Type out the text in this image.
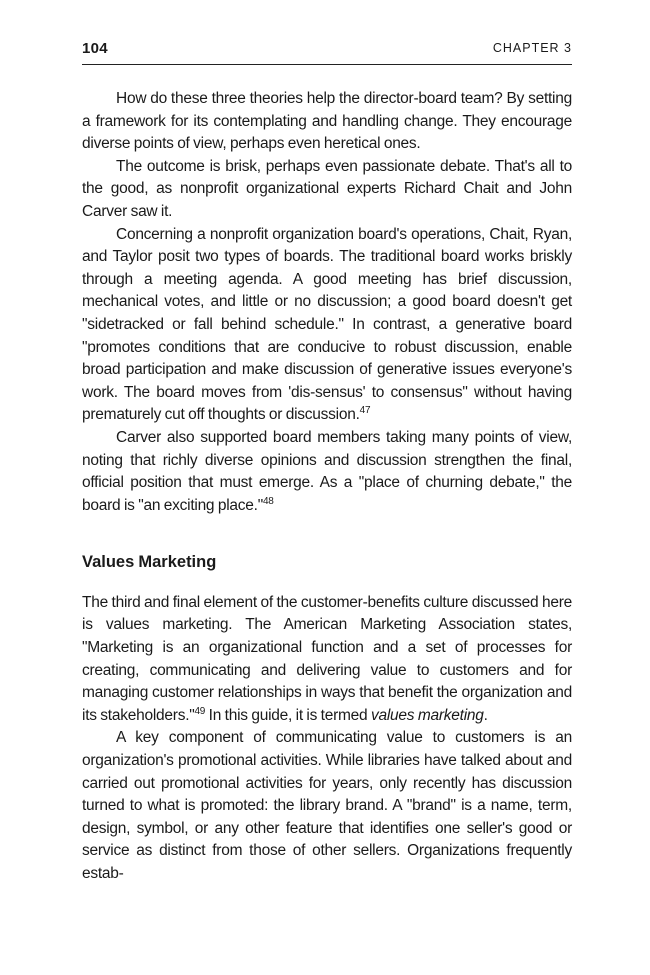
104	CHAPTER 3

How do these three theories help the director-board team? By setting a framework for its contemplating and handling change. They encourage diverse points of view, perhaps even heretical ones.

The outcome is brisk, perhaps even passionate debate. That's all to the good, as nonprofit organizational experts Richard Chait and John Carver saw it.

Concerning a nonprofit organization board's operations, Chait, Ryan, and Taylor posit two types of boards. The traditional board works briskly through a meeting agenda. A good meeting has brief discussion, mechanical votes, and little or no discussion; a good board doesn't get "sidetracked or fall behind schedule." In contrast, a generative board "promotes conditions that are conducive to robust discussion, enable broad participation and make discussion of generative issues everyone's work. The board moves from 'dis-sensus' to consensus" without having prematurely cut off thoughts or discussion.$^{47}$

Carver also supported board members taking many points of view, noting that richly diverse opinions and discussion strengthen the final, official position that must emerge. As a "place of churning debate," the board is "an exciting place."$^{48}$

Values Marketing

The third and final element of the customer-benefits culture discussed here is values marketing. The American Marketing Association states, "Marketing is an organizational function and a set of processes for creating, communicating and delivering value to customers and for managing customer relationships in ways that benefit the organization and its stakeholders."$^{49}$ In this guide, it is termed values marketing.

A key component of communicating value to customers is an organization's promotional activities. While libraries have talked about and carried out promotional activities for years, only recently has discussion turned to what is promoted: the library brand. A "brand" is a name, term, design, symbol, or any other feature that identifies one seller's good or service as distinct from those of other sellers. Organizations frequently estab-
